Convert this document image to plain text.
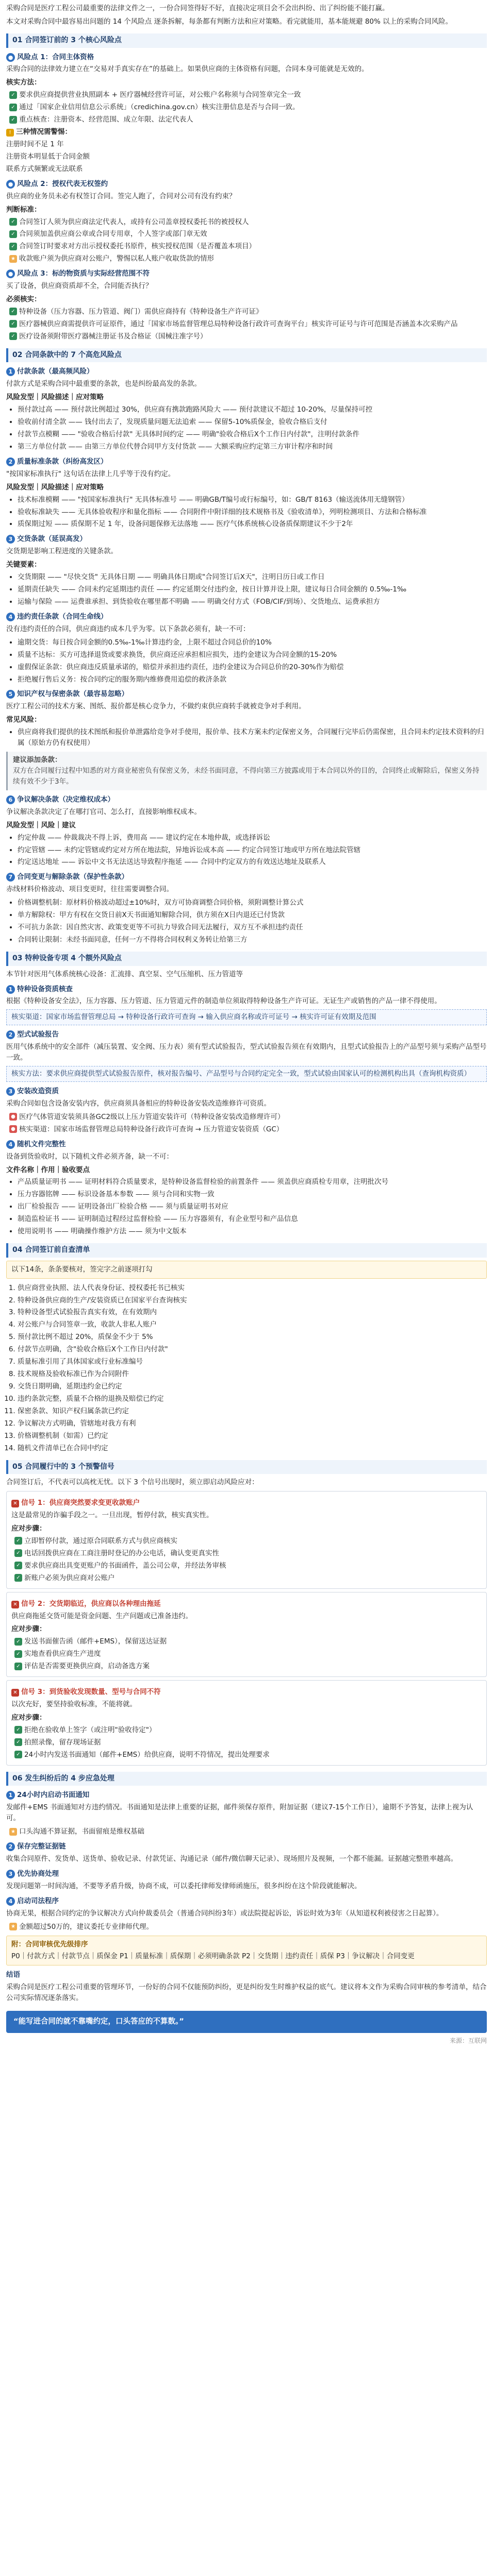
采购合同是医疗工程公司最重要的法律文件之一，一份合同签得好不好，直接决定项目会不会出纠纷、出了纠纷能不能打赢。

本文对采购合同中最容易出问题的 14 个风险点 逐条拆解，每条都有判断方法和应对策略。看完就能用，基本能规避 80% 以上的采购合同风险。

01 合同签订前的 3 个核心风险点
● 风险点 1：合同主体资格

采购合同的法律效力建立在“交易对手真实存在”的基础上。如果供应商的主体资格有问题，合同本身可能就是无效的。

核实方法：

✓ 要求供应商提供营业执照副本 + 医疗器械经营许可证，对公账户名称须与合同签章完全一致
✓ 通过「国家企业信用信息公示系统」（credichina.gov.cn）核实注册信息是否与合同一致。
✓ 重点核查：注册资本、经营范围、成立年限、法定代表人

! 三种情况需警惕：

注册时间不足 1 年

注册资本明显低于合同金额

联系方式频繁或无法联系

● 风险点 2：授权代表无权签约

供应商的业务员未必有权签订合同。签完人跑了，合同对公司有没有约束？

判断标准：

✓ 合同签订人须为供应商法定代表人，或持有公司盖章授权委托书的被授权人
✓ 合同须加盖供应商公章或合同专用章，个人签字或部门章无效
✓ 合同签订时要求对方出示授权委托书原件，核实授权范围（是否覆盖本项目）
★ 收款账户须为供应商对公账户，警惕以私人账户收取货款的情形
● 风险点 3：标的物资质与实际经营范围不符

买了设备，供应商资质却不全，合同能否执行？

必须核实：

✓ 特种设备（压力容器、压力管道、阀门）需供应商持有《特种设备生产许可证》
✓ 医疗器械供应商需提供许可证原件，通过「国家市场监督管理总局特种设备行政许可查询平台」核实许可证号与许可范围是否涵盖本次采购产品
✓ 医疗设备须附带医疗器械注册证书及合格证（国械注准字号）
02 合同条款中的 7 个高危风险点
1 付款条款（最高频风险）

付款方式是采购合同中最重要的条款，也是纠纷最高发的条款。

风险发型｜风险描述｜应对策略

• 预付款过高 —— 预付款比例超过 30%，供应商有携款跑路风险大 —— 预付款建议不超过 10-20%，尽量保持可控
• 验收前付清全款 —— 钱付出去了，发现质量问题无法追索 —— 保留5-10%质保金，验收合格后支付
• 付款节点模糊 —— "验收合格后付款" 无具体时间约定 —— 明确"验收合格后X个工作日内付款"，注明付款条件
• 第三方单位付款 —— 由第三方单位代替合同甲方支付货款 —— 大额采购应约定第三方审计程序和时间
2 质量标准条款（纠纷高发区）

"按国家标准执行" 这句话在法律上几乎等于没有约定。

风险发型｜风险描述｜应对策略

• 技术标准模糊 —— "按国家标准执行" 无具体标准号 —— 明确GB/T编号或行标编号，如：GB/T 8163（输送流体用无缝钢管）
• 验收标准缺失 —— 无具体验收程序和量化指标 —— 合同附件中附详细的技术规格书及《验收清单》，列明检测项目、方法和合格标准
• 质保期过短 —— 质保期不足 1 年，设备问题保修无法落地 —— 医疗气体系统核心设备质保期建议不少于2年
3 交货条款（延误高发）

交货期是影响工程进度的关键条款。

关键要素：

• 交货期限 —— "尽快交货" 无具体日期 —— 明确具体日期或"合同签订后X天"，注明日历日或工作日
• 延期责任缺失 —— 合同未约定延期违约责任 —— 约定延期交付违约金，按日计算并设上限，建议每日合同金额的 0.5‰-1‰
• 运输与保险 —— 运费谁承担、到货验收在哪里都不明确 —— 明确交付方式（FOB/CIF/到场）、交货地点、运费承担方
4 违约责任条款（合同生命线）

没有违约责任的合同，供应商违约成本几乎为零。以下条款必须有，缺一不可：

• 逾期交货：每日按合同金额的0.5‰-1‰计算违约金，上限不超过合同总价的10%
• 质量不达标：买方可选择退货或要求换货，供应商还应承担相应损失，违约金建议为合同金额的15-20%
• 虚假保证条款：供应商违反质量承诺的，赔偿并承担违约责任，违约金建议为合同总价的20-30%作为赔偿
• 拒绝履行售后义务：按合同约定的服务期内维修费用追偿的救济条款
5 知识产权与保密条款（最容易忽略）

医疗工程公司的技术方案、图纸、报价都是核心竞争力，不做约束供应商转手就被竞争对手利用。

常见风险：

• 供应商将我们提供的技术图纸和报价单泄露给竞争对手使用，报价单、技术方案未约定保密义务，合同履行完毕后仍需保密，且合同未约定技术资料的归属（原始方仍有权使用）
建议添加条款：
双方在合同履行过程中知悉的对方商业秘密负有保密义务，未经书面同意，不得向第三方披露或用于本合同以外的目的，合同终止或解除后，保密义务持续有效不少于3年。
6 争议解决条款（决定维权成本）

争议解决条款决定了在哪打官司、怎么打，直接影响维权成本。

风险发型｜风险｜建议

• 约定仲裁 —— 仲裁裁决不得上诉，费用高 —— 建议约定在本地仲裁，或选择诉讼
• 约定管辖 —— 未约定管辖或约定对方所在地法院，异地诉讼成本高 —— 约定合同签订地或甲方所在地法院管辖
• 约定送达地址 —— 诉讼中文书无法送达导致程序拖延 —— 合同中约定双方的有效送达地址及联系人
7 合同变更与解除条款（保护性条款）

赤线材料价格波动、项目变更时，往往需要调整合同。

• 价格调整机制：原材料价格波动超过±10%时，双方可协商调整合同价格，须附调整计算公式
• 单方解除权：甲方有权在交货日前X天书面通知解除合同，供方须在X日内退还已付货款
• 不可抗力条款：因自然灾害、政策变更等不可抗力导致合同无法履行，双方互不承担违约责任
• 合同转让限制：未经书面同意，任何一方不得将合同权利义务转让给第三方
03 特种设备专项 4 个额外风险点

本节针对医用气体系统核心设备：汇流排、真空泵、空气压缩机、压力管道等

1 特种设备资质核查

根据《特种设备安全法》，压力容器、压力管道、压力管道元件的制造单位须取得特种设备生产许可证。无证生产或销售的产品一律不得使用。

核实渠道：国家市场监督管理总局 → 特种设备行政许可查询 → 输入供应商名称或许可证号 → 核实许可证有效期及范围
2 型式试验报告

医用气体系统中的安全部件（减压装置、安全阀、压力表）须有型式试验报告，型式试验报告须在有效期内，且型式试验报告上的产品型号须与采购产品型号一致。

核实方法：要求供应商提供型式试验报告原件，核对报告编号、产品型号与合同约定完全一致，型式试验由国家认可的检测机构出具（查询机构资质）
3 安装改造资质

采购合同如包含设备安装内容，供应商须具备相应的特种设备安装改造维修许可资质。

● 医疗气体管道安装须具备GC2级以上压力管道安装许可（特种设备安装改造修理许可）
● 核实渠道：国家市场监督管理总局特种设备行政许可查询 → 压力管道安装资质（GC）
4 随机文件完整性

设备到货验收时，以下随机文件必须齐备，缺一不可：

文件名称｜作用｜验收要点

• 产品质量证明书 —— 证明材料符合质量要求，是特种设备监督检验的前置条件 —— 须盖供应商质检专用章，注明批次号
• 压力容器铭牌 —— 标识设备基本参数 —— 须与合同和实物一致
• 出厂检验报告 —— 证明设备出厂检验合格 —— 须与质量证明书对应
• 制造监检证书 —— 证明制造过程经过监督检验 —— 压力容器须有，有企业型号和产品信息
• 使用说明书 —— 明确操作维护方法 —— 须为中文版本
04 合同签订前自查清单
以下14条，条条要核对，签完字之前逐项打勾
1. 供应商营业执照、法人代表身份证、授权委托书已核实
2. 特种设备供应商的生产/安装资质已在国家平台查询核实
3. 特种设备型式试验报告真实有效，在有效期内
4. 对公账户与合同签章一致，收款人非私人账户
5. 预付款比例不超过 20%，质保金不少于 5%
6. 付款节点明确，含"验收合格后X个工作日内付款"
7. 质量标准引用了具体国家或行业标准编号
8. 技术规格及验收标准已作为合同附件
9. 交货日期明确，延期违约金已约定
10. 违约条款完整，质量不合格的退换及赔偿已约定
11. 保密条款、知识产权归属条款已约定
12. 争议解决方式明确，管辖地对我方有利
13. 价格调整机制（如需）已约定
14. 随机文件清单已在合同中约定
05 合同履行中的 3 个预警信号

合同签订后，不代表可以高枕无忧。以下 3 个信号出现时，须立即启动风险应对：

✕ 信号 1：供应商突然要求变更收款账户

这是最常见的诈骗手段之一。一旦出现，暂停付款，核实真实性。

应对步骤：

✓ 立即暂停付款，通过原合同联系方式与供应商核实
✓ 电话回拨供应商在工商注册时登记的办公电话，确认变更真实性
✓ 要求供应商出具变更账户的书面函件，盖公司公章，并经法务审核
✓ 新账户必须为供应商对公账户
✕ 信号 2：交货期临近，供应商以各种理由拖延

供应商拖延交货可能是资金问题、生产问题或已准备违约。

应对步骤：

✓ 发送书面催告函（邮件+EMS），保留送达证据
✓ 实地查看供应商生产进度
✓ 评估是否需要更换供应商，启动备选方案
✕ 信号 3：到货验收发现数量、型号与合同不符

以次充好，要坚持验收标准，不能将就。

应对步骤：

✓ 拒绝在验收单上签字（或注明"验收待定"）
✓ 拍照录像，留存现场证据
✓ 24小时内发送书面通知（邮件+EMS）给供应商，说明不符情况，提出处理要求
06 发生纠纷后的 4 步应急处理
1 24小时内启动书面通知

发邮件+EMS 书面通知对方违约情况。书面通知是法律上重要的证据，邮件须保存原件，附加证据（建议7-15个工作日），逾期不予答复，法律上视为认可。

★ 口头沟通不算证据，书面留痕是维权基础
2 保存完整证据链

收集合同原件、发货单、送货单、验收记录、付款凭证、沟通记录（邮件/微信聊天记录）、现场照片及视频，一个都不能漏。证据越完整胜率越高。

3 优先协商处理

发现问题第一时间沟通，不要等矛盾升级，协商不成，可以委托律师发律师函施压，很多纠纷在这个阶段就能解决。

4 启动司法程序

协商无果，根据合同约定的争议解决方式向仲裁委员会（普通合同纠纷3年）或法院提起诉讼，诉讼时效为3年（从知道权利被侵害之日起算）。

★ 金额超过50万的，建议委托专业律师代理。
附：合同审核优先级排序
P0｜付款方式｜付款节点｜质保金 P1｜质量标准｜质保期｜必须明确条款 P2｜交货期｜违约责任｜质保 P3｜争议解决｜合同变更
结语

采购合同是医疗工程公司重要的管理环节，一份好的合同不仅能预防纠纷，更是纠纷发生时维护权益的底气。建议将本文作为采购合同审核的参考清单，结合公司实际情况逐条落实。

“能写进合同的就不靠嘴约定，口头答应的不算数。”
来源：互联网
